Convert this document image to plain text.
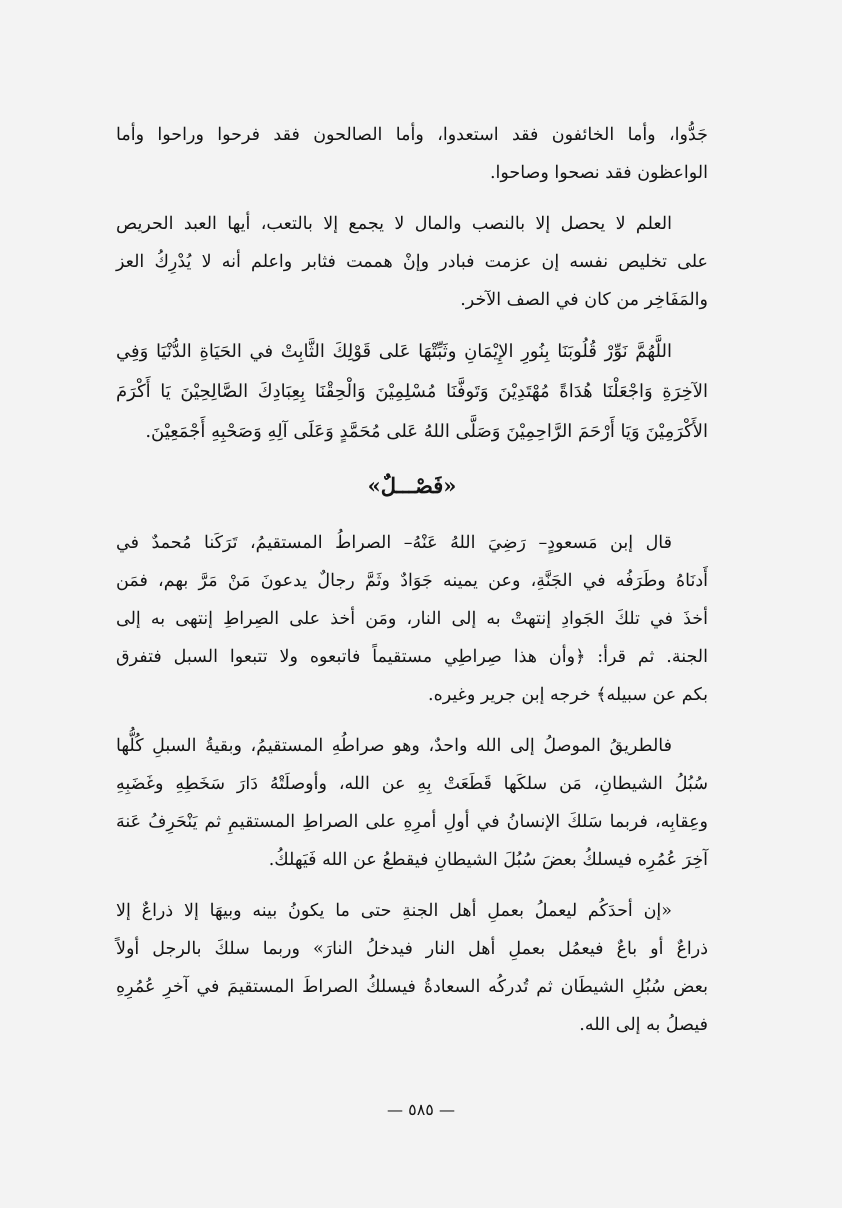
جَدُّوا، وأما الخائفون فقد استعدوا، وأما الصالحون فقد فرحوا وراحوا وأما
الواعظون فقد نصحوا وصاحوا.
العلم لا يحصل إلا بالنصب والمال لا يجمع إلا بالتعب، أيها العبد الحريص
على تخليص نفسه إن عزمت فبادر وإنْ هممت فثابر واعلم أنه لا يُدْرِكُ العز
والمَفَاخِر من كان في الصف الآخر.
اللَّهُمَّ نَوِّرْ قُلُوبَنَا بِنُورِ الإِيْمَانِ وثَبِّتْهَا عَلى قَوْلِكَ الثَّابِتْ في الحَيَاةِ الدُّنْيَا وَفِي
الآخِرَةِ وَاجْعَلْنَا هُدَاةً مُهْتَدِيْنَ وَتَوفَّنَا مُسْلِمِيْنَ وَالْحِقْنَا بِعِبَادِكَ الصَّالِحِيْنَ يَا أَكْرَمَ
الأَكْرَمِيْنَ وَيَا أَرْحَمَ الرَّاحِمِيْنَ وَصَلَّى اللهُ عَلى مُحَمَّدٍ وَعَلَى آلِهِ وَصَحْبِهِ أَجْمَعِيْنَ.
«فَصْـــلٌ»
قال إبن مَسعودٍ– رَضِيَ اللهُ عَنْهُ– الصراطُ المستقيمُ، تَرَكَنا مُحمدٌ في
أَدنَاهُ وطَرَفُه في الجَنَّةِ، وعن يمينه جَوَادٌ وثَمَّ رجالٌ يدعونَ مَنْ مَرَّ بهم، فمَن
أخذَ في تلكَ الجَوادِ إنتهتْ به إلى النار، ومَن أخذ على الصِراطِ إنتهى به إلى
الجنة. ثم قرأ: ﴿وأن هذا صِراطِي مستقيماً فاتبعوه ولا تتبعوا السبل فتفرق
بكم عن سبيله﴾ خرجه إبن جرير وغيره.
فالطريقُ الموصلُ إلى الله واحدٌ، وهو صراطُهِ المستقيمُ، وبقيةُ السبلِ كُلُّها
سُبُلُ الشيطانِ، مَن سلكَها قَطَعَتْ بِهِ عن الله، وأوصلَتْهُ دَارَ سَخَطِهِ وغَضَبِهِ
وعِقابِه، فربما سَلكَ الإنسانُ في أولِ أمرِهِ على الصراطِ المستقيمِ ثم يَنْحَرِفُ عَنهَ
آخِرَ عُمُرِه فيسلكُ بعضَ سُبُلَ الشيطانِ فيقطعُ عن الله فَيَهلكُ.
«إن أحدَكُم ليعملُ بعملِ أهل الجنةِ حتى ما يكونُ بينه وبيهَا إلا ذراعٌ إلا
ذراعٌ أو باعٌ فيعمُل بعملِ أهل النار فيدخلُ النارَ» وربما سلكَ بالرجل أولاً
بعض سُبُلِ الشيطَان ثم تُدركُه السعادةُ فيسلكُ الصراطَ المستقيمَ في آخرِ عُمُرِهِ
فيصلُ به إلى الله.
— ٥٨٥ —
